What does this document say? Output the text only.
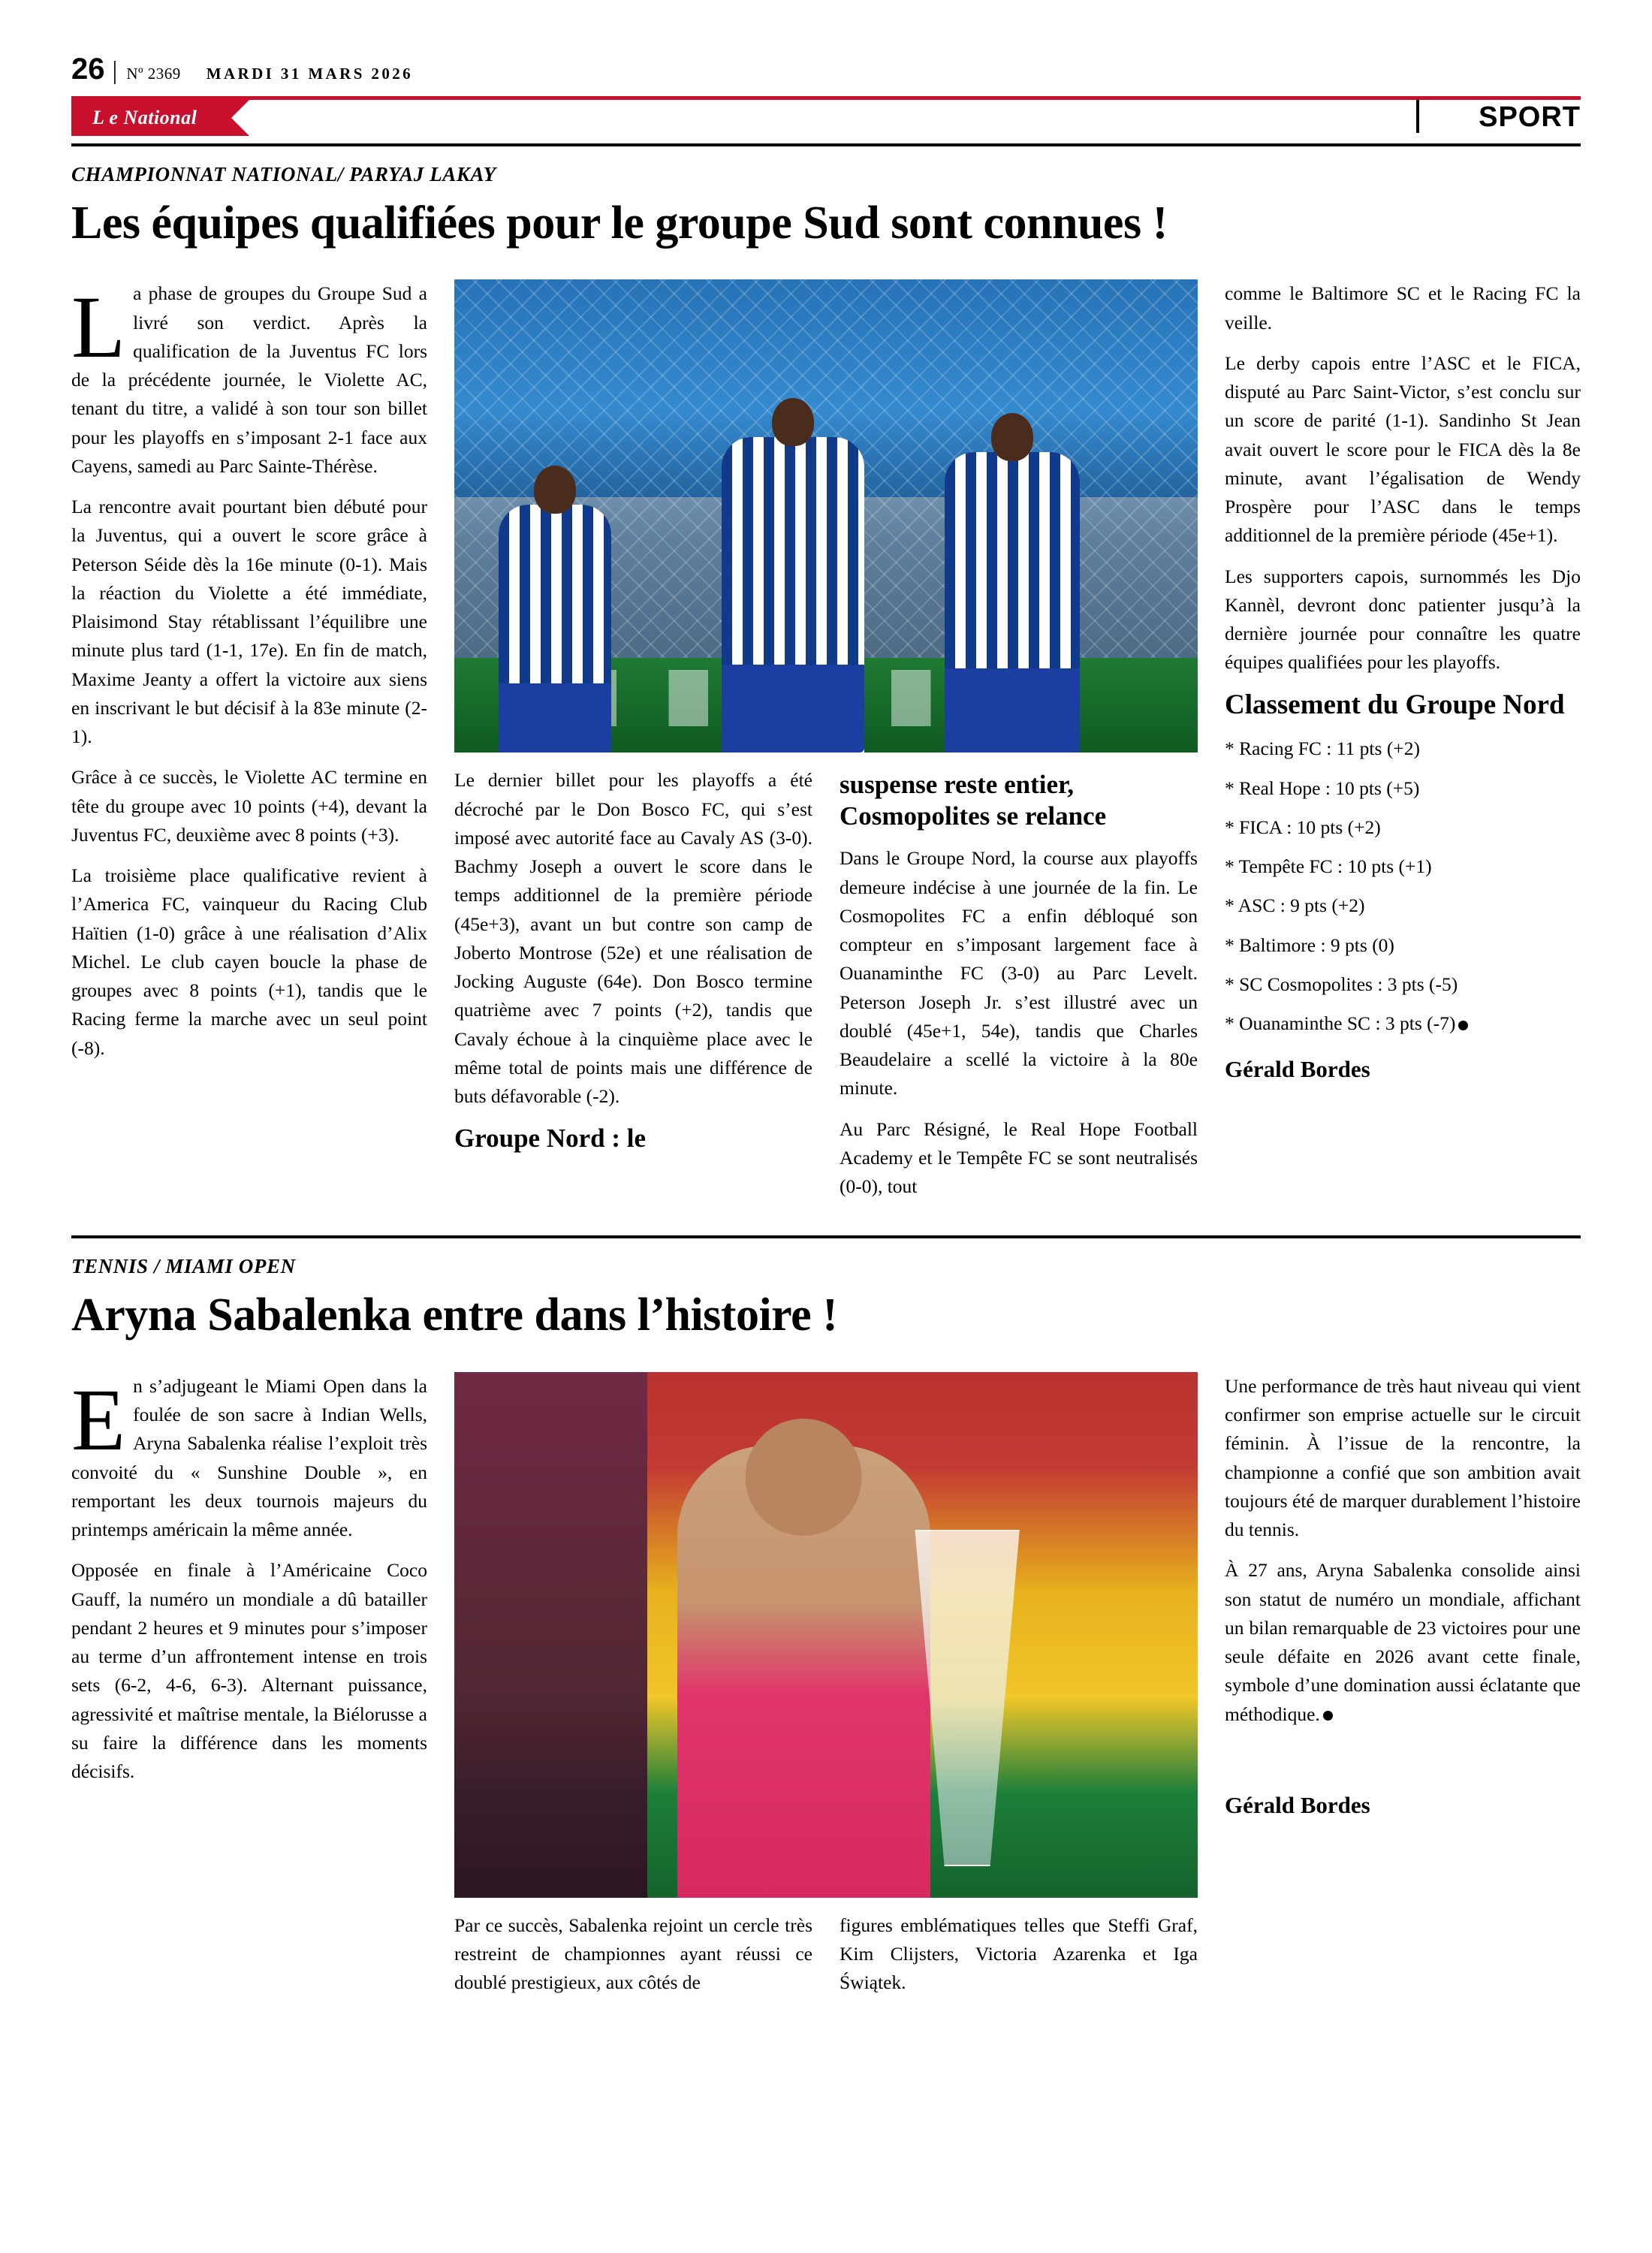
26 | Nº 2369 MARDI 31 MARS 2026
L e National	SPORT
CHAMPIONNAT NATIONAL/ PARYAJ LAKAY
Les équipes qualifiées pour le groupe Sud sont connues !

La phase de groupes du Groupe Sud a livré son verdict. Après la qualification de la Juventus FC lors de la précédente journée, le Violette AC, tenant du titre, a validé à son tour son billet pour les playoffs en s’imposant 2-1 face aux Cayens, samedi au Parc Sainte-Thérèse.

La rencontre avait pourtant bien débuté pour la Juventus, qui a ouvert le score grâce à Peterson Séide dès la 16e minute (0-1). Mais la réaction du Violette a été immédiate, Plaisimond Stay rétablissant l’équilibre une minute plus tard (1-1, 17e). En fin de match, Maxime Jeanty a offert la victoire aux siens en inscrivant le but décisif à la 83e minute (2-1).

Grâce à ce succès, le Violette AC termine en tête du groupe avec 10 points (+4), devant la Juventus FC, deuxième avec 8 points (+3).

La troisième place qualificative revient à l’America FC, vainqueur du Racing Club Haïtien (1-0) grâce à une réalisation d’Alix Michel. Le club cayen boucle la phase de groupes avec 8 points (+1), tandis que le Racing ferme la marche avec un seul point (-8).

Le dernier billet pour les playoffs a été décroché par le Don Bosco FC, qui s’est imposé avec autorité face au Cavaly AS (3-0). Bachmy Joseph a ouvert le score dans le temps additionnel de la première période (45e+3), avant un but contre son camp de Joberto Montrose (52e) et une réalisation de Jocking Auguste (64e). Don Bosco termine quatrième avec 7 points (+2), tandis que Cavaly échoue à la cinquième place avec le même total de points mais une différence de buts défavorable (-2).

Groupe Nord : le
suspense reste entier, Cosmopolites se relance

Dans le Groupe Nord, la course aux playoffs demeure indécise à une journée de la fin. Le Cosmopolites FC a enfin débloqué son compteur en s’imposant largement face à Ouanaminthe FC (3-0) au Parc Levelt. Peterson Joseph Jr. s’est illustré avec un doublé (45e+1, 54e), tandis que Charles Beaudelaire a scellé la victoire à la 80e minute.

Au Parc Résigné, le Real Hope Football Academy et le Tempête FC se sont neutralisés (0-0), tout

comme le Baltimore SC et le Racing FC la veille.

Le derby capois entre l’ASC et le FICA, disputé au Parc Saint-Victor, s’est conclu sur un score de parité (1-1). Sandinho St Jean avait ouvert le score pour le FICA dès la 8e minute, avant l’égalisation de Wendy Prospère pour l’ASC dans le temps additionnel de la première période (45e+1).

Les supporters capois, surnommés les Djo Kannèl, devront donc patienter jusqu’à la dernière journée pour connaître les quatre équipes qualifiées pour les playoffs.

Classement du Groupe Nord
* Racing FC : 11 pts (+2)
* Real Hope : 10 pts (+5)
* FICA : 10 pts (+2)
* Tempête FC : 10 pts (+1)
* ASC : 9 pts (+2)
* Baltimore : 9 pts (0)
* SC Cosmopolites : 3 pts (-5)
* Ouanaminthe SC : 3 pts (-7)
Gérald Bordes
TENNIS / MIAMI OPEN
Aryna Sabalenka entre dans l’histoire !

En s’adjugeant le Miami Open dans la foulée de son sacre à Indian Wells, Aryna Sabalenka réalise l’exploit très convoité du « Sunshine Double », en remportant les deux tournois majeurs du printemps américain la même année.

Opposée en finale à l’Américaine Coco Gauff, la numéro un mondiale a dû batailler pendant 2 heures et 9 minutes pour s’imposer au terme d’un affrontement intense en trois sets (6-2, 4-6, 6-3). Alternant puissance, agressivité et maîtrise mentale, la Biélorusse a su faire la différence dans les moments décisifs.

Par ce succès, Sabalenka rejoint un cercle très restreint de championnes ayant réussi ce doublé prestigieux, aux côtés de

figures emblématiques telles que Steffi Graf, Kim Clijsters, Victoria Azarenka et Iga Świątek.

Une performance de très haut niveau qui vient confirmer son emprise actuelle sur le circuit féminin. À l’issue de la rencontre, la championne a confié que son ambition avait toujours été de marquer durablement l’histoire du tennis.

À 27 ans, Aryna Sabalenka consolide ainsi son statut de numéro un mondiale, affichant un bilan remarquable de 23 victoires pour une seule défaite en 2026 avant cette finale, symbole d’une domination aussi éclatante que méthodique.

Gérald Bordes
